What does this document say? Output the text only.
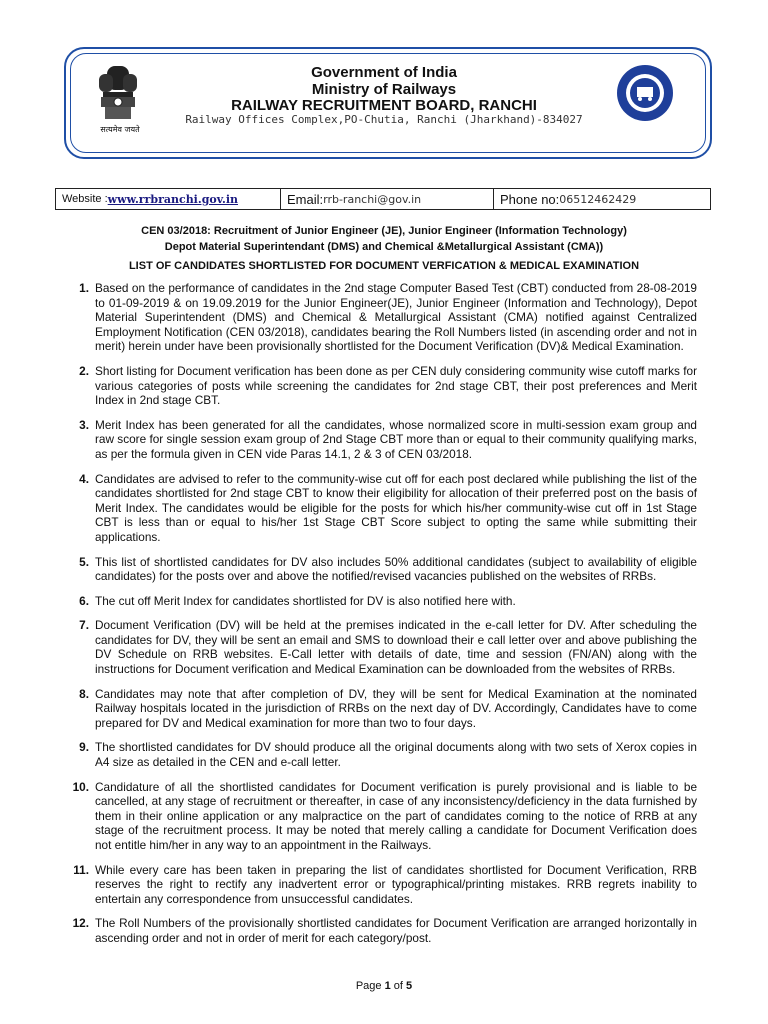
सत्यमेव जयते
Government of India
Ministry of Railways
RAILWAY RECRUITMENT BOARD, RANCHI
Railway Offices Complex,PO-Chutia, Ranchi (Jharkhand)-834027
Website : www.rrbranchi.gov.in	Email: rrb-ranchi@gov.in	Phone no: 06512462429
CEN 03/2018: Recruitment of Junior Engineer (JE), Junior Engineer (Information Technology)
Depot Material Superintendant (DMS) and Chemical &Metallurgical Assistant (CMA))
LIST OF CANDIDATES SHORTLISTED FOR DOCUMENT VERFICATION & MEDICAL EXAMINATION
1. Based on the performance of candidates in the 2nd stage Computer Based Test (CBT) conducted from 28-08-2019 to 01-09-2019 & on 19.09.2019 for the Junior Engineer(JE), Junior Engineer (Information and Technology), Depot Material Superintendent (DMS) and Chemical & Metallurgical Assistant (CMA) notified against Centralized Employment Notification (CEN 03/2018), candidates bearing the Roll Numbers listed (in ascending order and not in merit) herein under have been provisionally shortlisted for the Document Verification (DV)& Medical Examination.
2. Short listing for Document verification has been done as per CEN duly considering community wise cutoff marks for various categories of posts while screening the candidates for 2nd stage CBT, their post preferences and Merit Index in 2nd stage CBT.
3. Merit Index has been generated for all the candidates, whose normalized score in multi-session exam group and raw score for single session exam group of 2nd Stage CBT more than or equal to their community qualifying marks, as per the formula given in CEN vide Paras 14.1, 2 & 3 of CEN 03/2018.
4. Candidates are advised to refer to the community-wise cut off for each post declared while publishing the list of the candidates shortlisted for 2nd stage CBT to know their eligibility for allocation of their preferred post on the basis of Merit Index. The candidates would be eligible for the posts for which his/her community-wise cut off in 1st Stage CBT is less than or equal to his/her 1st Stage CBT Score subject to opting the same while submitting their applications.
5. This list of shortlisted candidates for DV also includes 50% additional candidates (subject to availability of eligible candidates) for the posts over and above the notified/revised vacancies published on the websites of RRBs.
6. The cut off Merit Index for candidates shortlisted for DV is also notified here with.
7. Document Verification (DV) will be held at the premises indicated in the e-call letter for DV. After scheduling the candidates for DV, they will be sent an email and SMS to download their e call letter over and above publishing the DV Schedule on RRB websites. E-Call letter with details of date, time and session (FN/AN) along with the instructions for Document verification and Medical Examination can be downloaded from the websites of RRBs.
8. Candidates may note that after completion of DV, they will be sent for Medical Examination at the nominated Railway hospitals located in the jurisdiction of RRBs on the next day of DV. Accordingly, Candidates have to come prepared for DV and Medical examination for more than two to four days.
9. The shortlisted candidates for DV should produce all the original documents along with two sets of Xerox copies in A4 size as detailed in the CEN and e-call letter.
10. Candidature of all the shortlisted candidates for Document verification is purely provisional and is liable to be cancelled, at any stage of recruitment or thereafter, in case of any inconsistency/deficiency in the data furnished by them in their online application or any malpractice on the part of candidates coming to the notice of RRB at any stage of the recruitment process. It may be noted that merely calling a candidate for Document Verification does not entitle him/her in any way to an appointment in the Railways.
11. While every care has been taken in preparing the list of candidates shortlisted for Document Verification, RRB reserves the right to rectify any inadvertent error or typographical/printing mistakes. RRB regrets inability to entertain any correspondence from unsuccessful candidates.
12. The Roll Numbers of the provisionally shortlisted candidates for Document Verification are arranged horizontally in ascending order and not in order of merit for each category/post.
Page 1 of 5
